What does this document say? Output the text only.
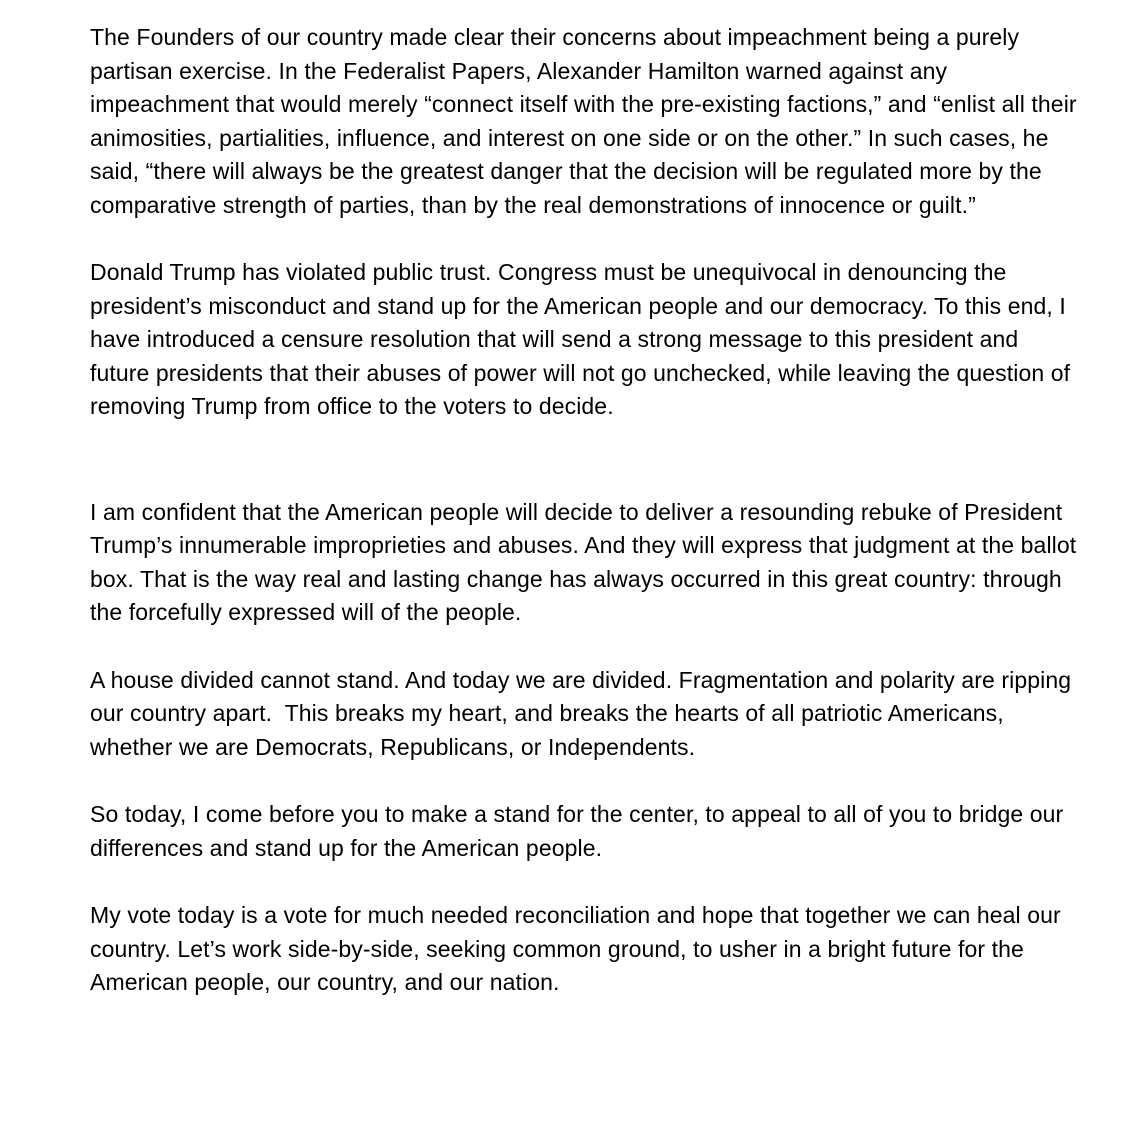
The Founders of our country made clear their concerns about impeachment being a purely partisan exercise. In the Federalist Papers, Alexander Hamilton warned against any impeachment that would merely “connect itself with the pre-existing factions,” and “enlist all their animosities, partialities, influence, and interest on one side or on the other.” In such cases, he said, “there will always be the greatest danger that the decision will be regulated more by the comparative strength of parties, than by the real demonstrations of innocence or guilt.”

Donald Trump has violated public trust. Congress must be unequivocal in denouncing the president’s misconduct and stand up for the American people and our democracy. To this end, I have introduced a censure resolution that will send a strong message to this president and future presidents that their abuses of power will not go unchecked, while leaving the question of removing Trump from office to the voters to decide.

I am confident that the American people will decide to deliver a resounding rebuke of President Trump’s innumerable improprieties and abuses. And they will express that judgment at the ballot box. That is the way real and lasting change has always occurred in this great country: through the forcefully expressed will of the people.

A house divided cannot stand. And today we are divided. Fragmentation and polarity are ripping our country apart.  This breaks my heart, and breaks the hearts of all patriotic Americans, whether we are Democrats, Republicans, or Independents.

So today, I come before you to make a stand for the center, to appeal to all of you to bridge our differences and stand up for the American people.

My vote today is a vote for much needed reconciliation and hope that together we can heal our country. Let’s work side-by-side, seeking common ground, to usher in a bright future for the American people, our country, and our nation.
